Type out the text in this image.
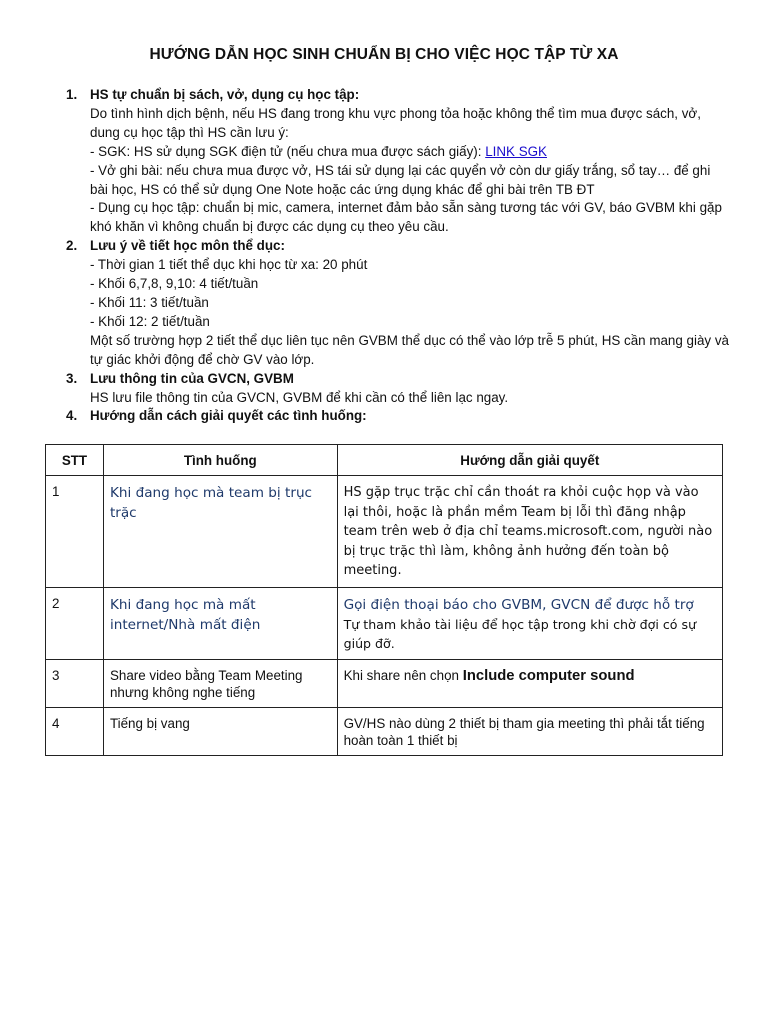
HƯỚNG DẪN HỌC SINH CHUẨN BỊ CHO VIỆC HỌC TẬP TỪ XA
1. HS tự chuẩn bị sách, vở, dụng cụ học tập:
Do tình hình dịch bệnh, nếu HS đang trong khu vực phong tỏa hoặc không thể tìm mua được sách, vở, dung cụ học tập thì HS cần lưu ý:
- SGK: HS sử dụng SGK điện tử (nếu chưa mua được sách giấy): LINK SGK
- Vở ghi bài: nếu chưa mua được vở, HS tái sử dụng lại các quyển vở còn dư giấy trắng, sổ tay… để ghi bài học, HS có thể sử dụng One Note hoặc các ứng dụng khác để ghi bài trên TB ĐT
- Dụng cụ học tập: chuẩn bị mic, camera, internet đảm bảo sẵn sàng tương tác với GV, báo GVBM khi gặp khó khăn vì không chuẩn bị được các dụng cụ theo yêu cầu.
2. Lưu ý về tiết học môn thể dục:
- Thời gian 1 tiết thể dục khi học từ xa: 20 phút
- Khối 6,7,8, 9,10: 4 tiết/tuần
- Khối 11: 3 tiết/tuần
- Khối 12: 2 tiết/tuần
Một số trường hợp 2 tiết thể dục liên tục nên GVBM thể dục có thể vào lớp trễ 5 phút, HS cần mang giày và tự giác khởi động để chờ GV vào lớp.
3. Lưu thông tin của GVCN, GVBM
HS lưu file thông tin của GVCN, GVBM để khi cần có thể liên lạc ngay.
4. Hướng dẫn cách giải quyết các tình huống:
STT	Tình huống	Hướng dẫn giải quyết
1	Khi đang học mà team bị trục trặc	HS gặp trục trặc chỉ cần thoát ra khỏi cuộc họp và vào lại thôi, hoặc là phần mềm Team bị lỗi thì đăng nhập team trên web ở địa chỉ teams.microsoft.com, người nào bị trục trặc thì làm, không ảnh hưởng đến toàn bộ meeting.
2	Khi đang học mà mất internet/Nhà mất điện	Gọi điện thoại báo cho GVBM, GVCN để được hỗ trợ
Tự tham khảo tài liệu để học tập trong khi chờ đợi có sự giúp đỡ.

3	Share video bằng Team Meeting nhưng không nghe tiếng	Khi share nên chọn Include computer sound
4	Tiếng bị vang	GV/HS nào dùng 2 thiết bị tham gia meeting thì phải tắt tiếng hoàn toàn 1 thiết bị
